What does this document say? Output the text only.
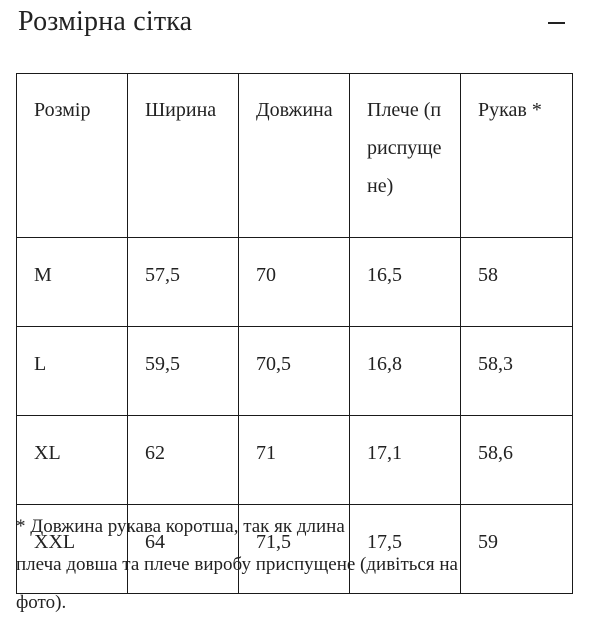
Розмірна сітка
Розмір	Ширина	Довжина	Плече (приспущене)	Рукав *
M	57,5	70	16,5	58
L	59,5	70,5	16,8	58,3
XL	62	71	17,1	58,6
XXL	64	71,5	17,5	59
* Довжина рукава коротша, так як длина
плеча довша та плече виробу приспущене (дивіться на
фото).
